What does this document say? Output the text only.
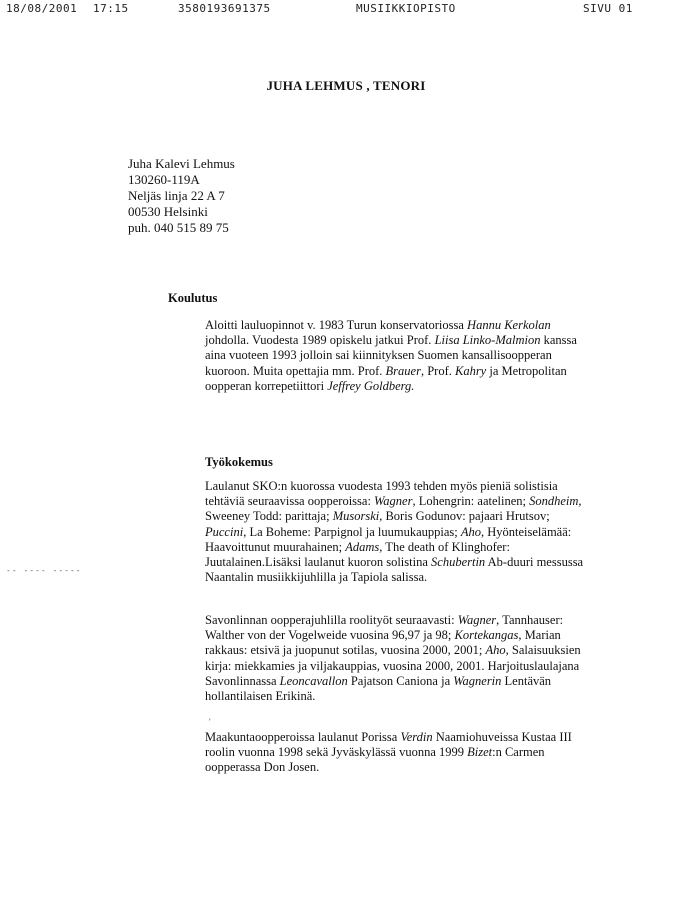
18/08/2001 17:15	3580193691375	MUSIIKKIOPISTO	SIVU 01
JUHA LEHMUS , TENORI
Juha Kalevi Lehmus
130260-119A
Neljäs linja 22 A 7
00530 Helsinki
puh. 040 515 89 75
Koulutus
Aloitti lauluopinnot v. 1983 Turun konservatoriossa Hannu Kerkolan
johdolla. Vuodesta 1989 opiskelu jatkui Prof. Liisa Linko-Malmion kanssa
aina vuoteen 1993 jolloin sai kiinnityksen Suomen kansallisoopperan
kuoroon. Muita opettajia mm. Prof. Brauer, Prof. Kahry ja Metropolitan
oopperan korrepetiittori Jeffrey Goldberg.
Työkokemus
Laulanut SKO:n kuorossa vuodesta 1993 tehden myös pieniä solistisia
tehtäviä seuraavissa oopperoissa: Wagner, Lohengrin: aatelinen; Sondheim,
Sweeney Todd: parittaja; Musorski, Boris Godunov: pajaari Hrutsov;
Puccini, La Boheme: Parpignol ja luumukauppias; Aho, Hyönteiselämää:
Haavoittunut muurahainen; Adams, The death of Klinghofer:
Juutalainen.Lisäksi laulanut kuoron solistina Schubertin Ab-duuri messussa
Naantalin musiikkijuhlilla ja Tapiola salissa.
Savonlinnan oopperajuhlilla roolityöt seuraavasti: Wagner, Tannhauser:
Walther von der Vogelweide vuosina 96,97 ja 98; Kortekangas, Marian
rakkaus: etsivä ja juopunut sotilas, vuosina 2000, 2001; Aho, Salaisuuksien
kirja: miekkamies ja viljakauppias, vuosina 2000, 2001. Harjoituslaulajana
Savonlinnassa Leoncavallon Pajatson Caniona ja Wagnerin Lentävän
hollantilaisen Erikinä.
Maakuntaoopperoissa laulanut Porissa Verdin Naamiohuveissa Kustaa III
roolin vuonna 1998 sekä Jyväskylässä vuonna 1999 Bizet:n Carmen
oopperassa Don Josen.
-- ---- -----
'
